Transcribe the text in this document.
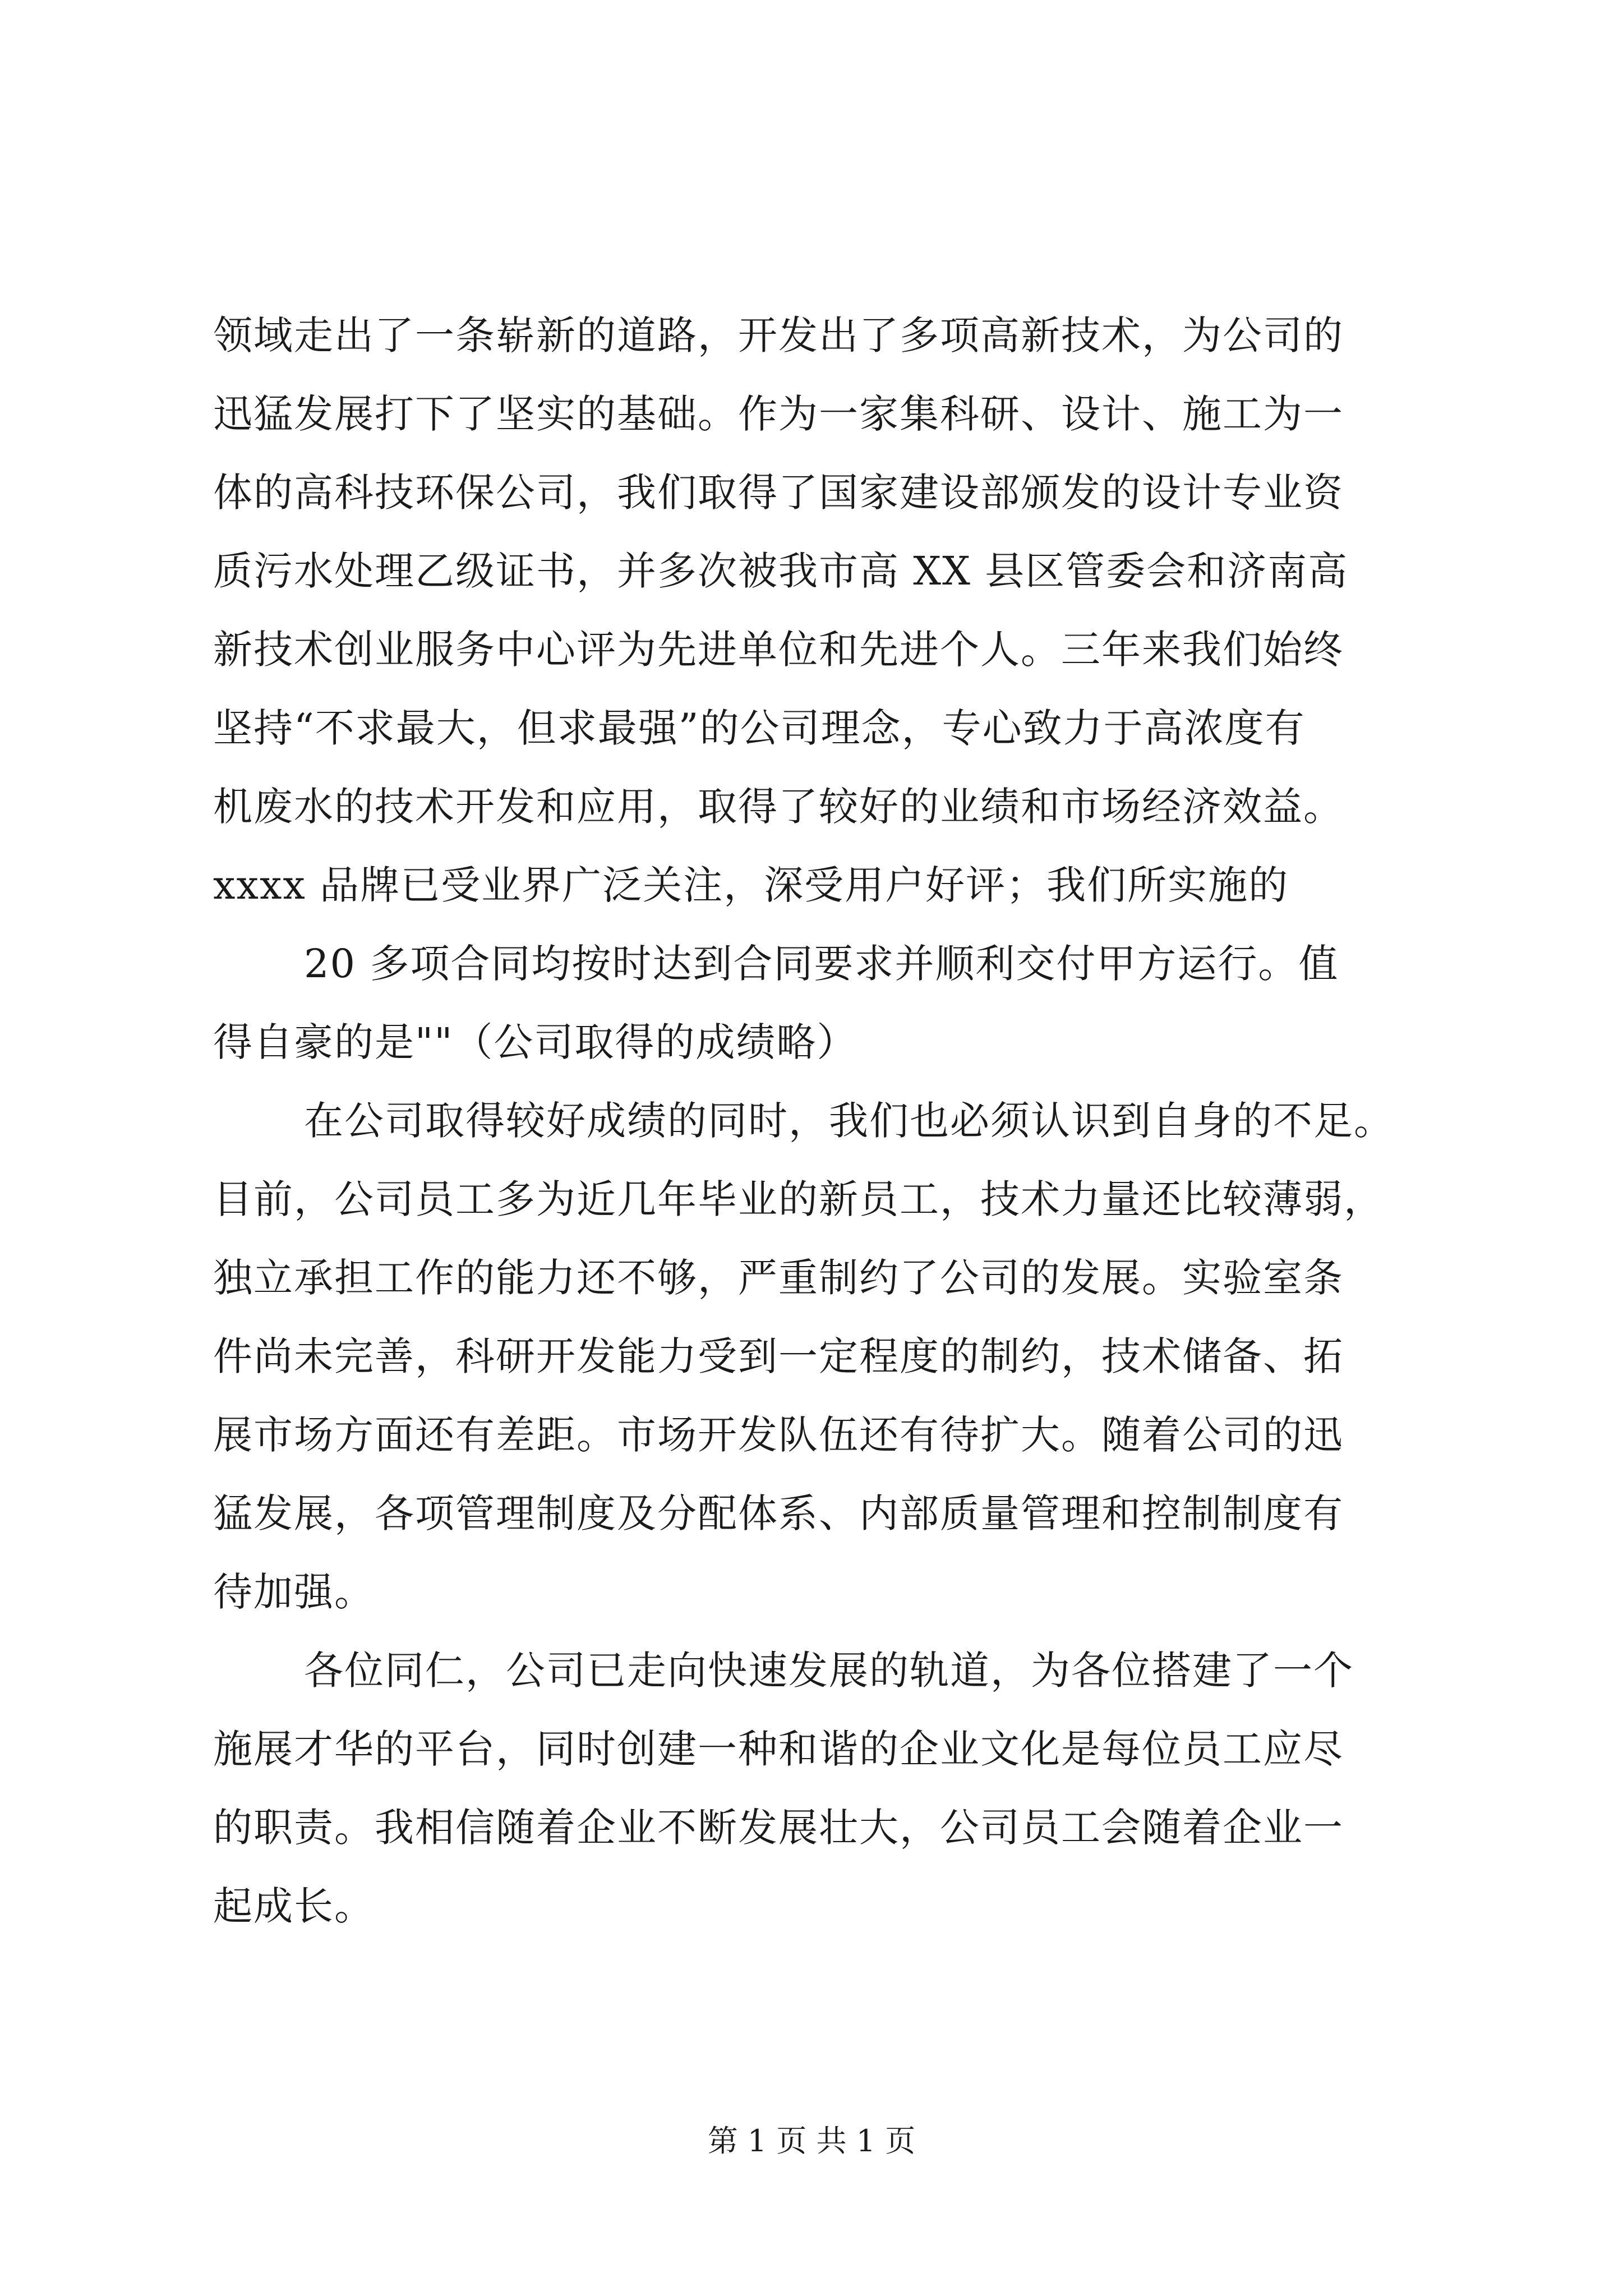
领域走出了一条崭新的道路，开发出了多项高新技术，为公司的
迅猛发展打下了坚实的基础。作为一家集科研、设计、施工为一
体的高科技环保公司，我们取得了国家建设部颁发的设计专业资
质污水处理乙级证书，并多次被我市高 XX 县区管委会和济南高
新技术创业服务中心评为先进单位和先进个人。三年来我们始终
坚持“不求最大，但求最强”的公司理念，专心致力于高浓度有
机废水的技术开发和应用，取得了较好的业绩和市场经济效益。
xxxx 品牌已受业界广泛关注，深受用户好评；我们所实施的
20 多项合同均按时达到合同要求并顺利交付甲方运行。值
得自豪的是""（公司取得的成绩略）
在公司取得较好成绩的同时，我们也必须认识到自身的不足。
目前，公司员工多为近几年毕业的新员工，技术力量还比较薄弱，
独立承担工作的能力还不够，严重制约了公司的发展。实验室条
件尚未完善，科研开发能力受到一定程度的制约，技术储备、拓
展市场方面还有差距。市场开发队伍还有待扩大。随着公司的迅
猛发展，各项管理制度及分配体系、内部质量管理和控制制度有
待加强。
各位同仁，公司已走向快速发展的轨道，为各位搭建了一个
施展才华的平台，同时创建一种和谐的企业文化是每位员工应尽
的职责。我相信随着企业不断发展壮大，公司员工会随着企业一
起成长。
第 1 页 共 1 页
